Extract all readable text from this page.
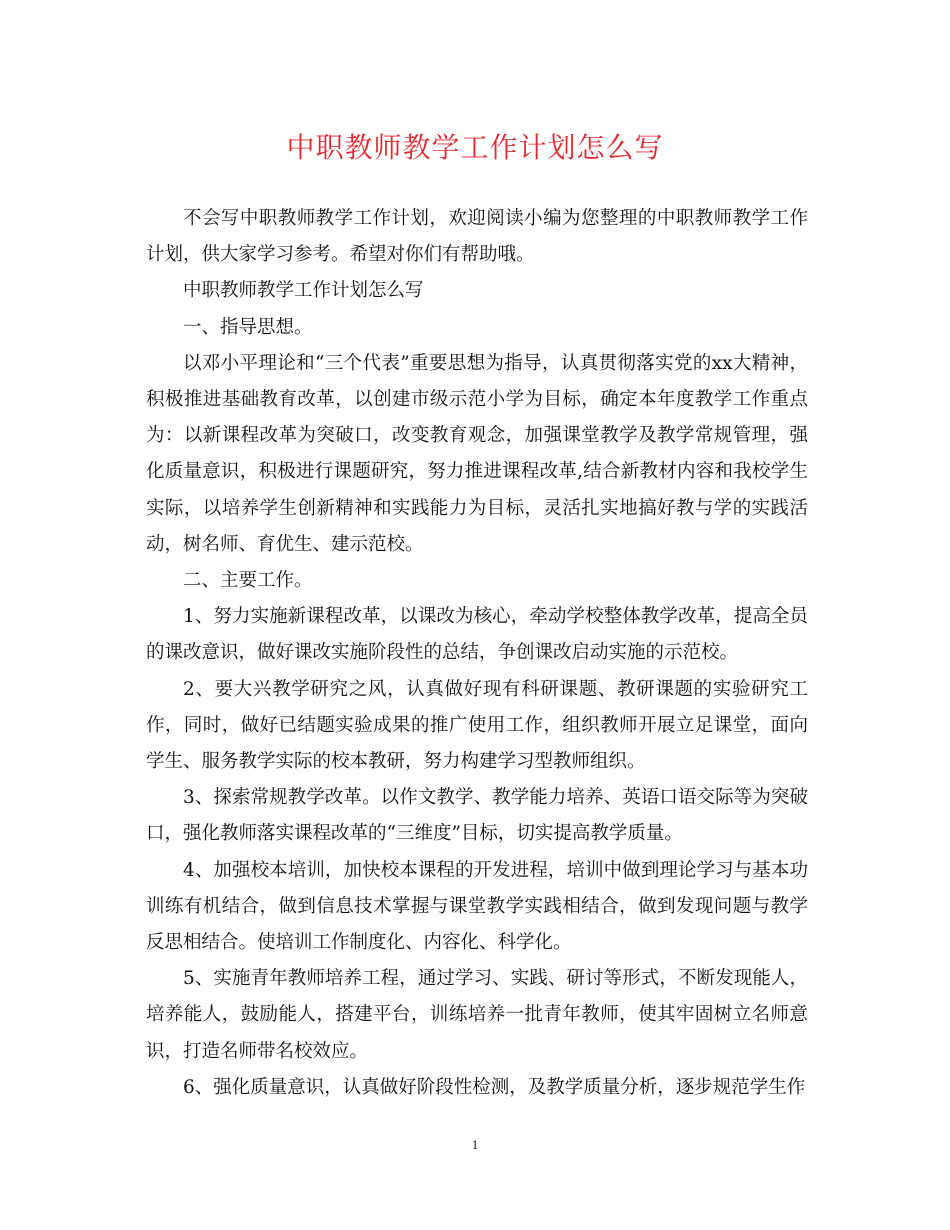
中职教师教学工作计划怎么写

不会写中职教师教学工作计划，欢迎阅读小编为您整理的中职教师教学工作计划，供大家学习参考。希望对你们有帮助哦。

中职教师教学工作计划怎么写

一、指导思想。

以邓小平理论和“三个代表”重要思想为指导，认真贯彻落实党的xx大精神，积极推进基础教育改革，以创建市级示范小学为目标，确定本年度教学工作重点为：以新课程改革为突破口，改变教育观念，加强课堂教学及教学常规管理，强化质量意识，积极进行课题研究，努力推进课程改革,结合新教材内容和我校学生实际，以培养学生创新精神和实践能力为目标，灵活扎实地搞好教与学的实践活动，树名师、育优生、建示范校。

二、主要工作。

1、努力实施新课程改革，以课改为核心，牵动学校整体教学改革，提高全员的课改意识，做好课改实施阶段性的总结，争创课改启动实施的示范校。

2、要大兴教学研究之风，认真做好现有科研课题、教研课题的实验研究工作，同时，做好已结题实验成果的推广使用工作，组织教师开展立足课堂，面向学生、服务教学实际的校本教研，努力构建学习型教师组织。

3、探索常规教学改革。以作文教学、教学能力培养、英语口语交际等为突破口，强化教师落实课程改革的“三维度”目标，切实提高教学质量。

4、加强校本培训，加快校本课程的开发进程，培训中做到理论学习与基本功训练有机结合，做到信息技术掌握与课堂教学实践相结合，做到发现问题与教学反思相结合。使培训工作制度化、内容化、科学化。

5、实施青年教师培养工程，通过学习、实践、研讨等形式，不断发现能人，培养能人，鼓励能人，搭建平台，训练培养一批青年教师，使其牢固树立名师意识，打造名师带名校效应。

6、强化质量意识，认真做好阶段性检测，及教学质量分析，逐步规范学生作

1
